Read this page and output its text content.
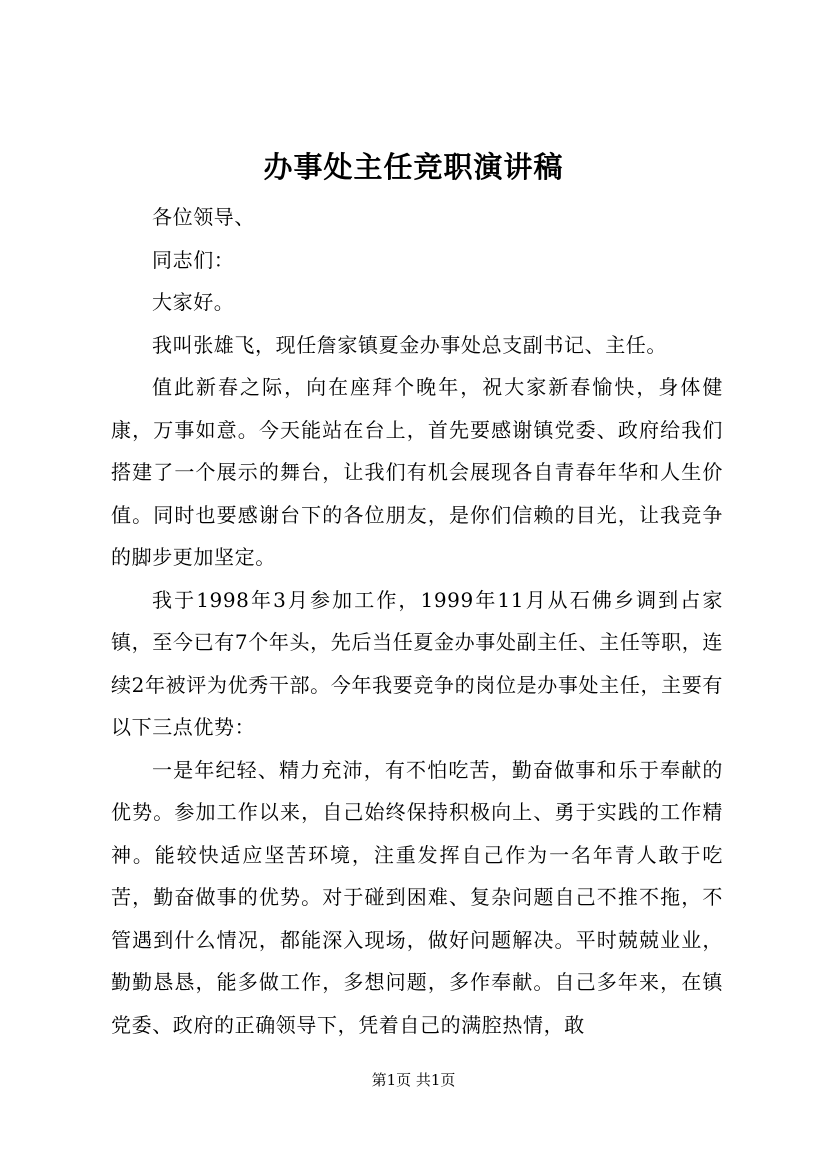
办事处主任竞职演讲稿

各位领导、

同志们：

大家好。

我叫张雄飞，现任詹家镇夏金办事处总支副书记、主任。

值此新春之际，向在座拜个晚年，祝大家新春愉快，身体健康，万事如意。今天能站在台上，首先要感谢镇党委、政府给我们搭建了一个展示的舞台，让我们有机会展现各自青春年华和人生价值。同时也要感谢台下的各位朋友，是你们信赖的目光，让我竞争的脚步更加坚定。

我于1998年3月参加工作，1999年11月从石佛乡调到占家镇，至今已有7个年头，先后当任夏金办事处副主任、主任等职，连续2年被评为优秀干部。今年我要竞争的岗位是办事处主任，主要有以下三点优势：

一是年纪轻、精力充沛，有不怕吃苦，勤奋做事和乐于奉献的优势。参加工作以来，自己始终保持积极向上、勇于实践的工作精神。能较快适应坚苦环境，注重发挥自己作为一名年青人敢于吃苦，勤奋做事的优势。对于碰到困难、复杂问题自己不推不拖，不管遇到什么情况，都能深入现场，做好问题解决。平时兢兢业业，勤勤恳恳，能多做工作，多想问题，多作奉献。自己多年来，在镇党委、政府的正确领导下，凭着自己的满腔热情，敢

第1页 共1页
